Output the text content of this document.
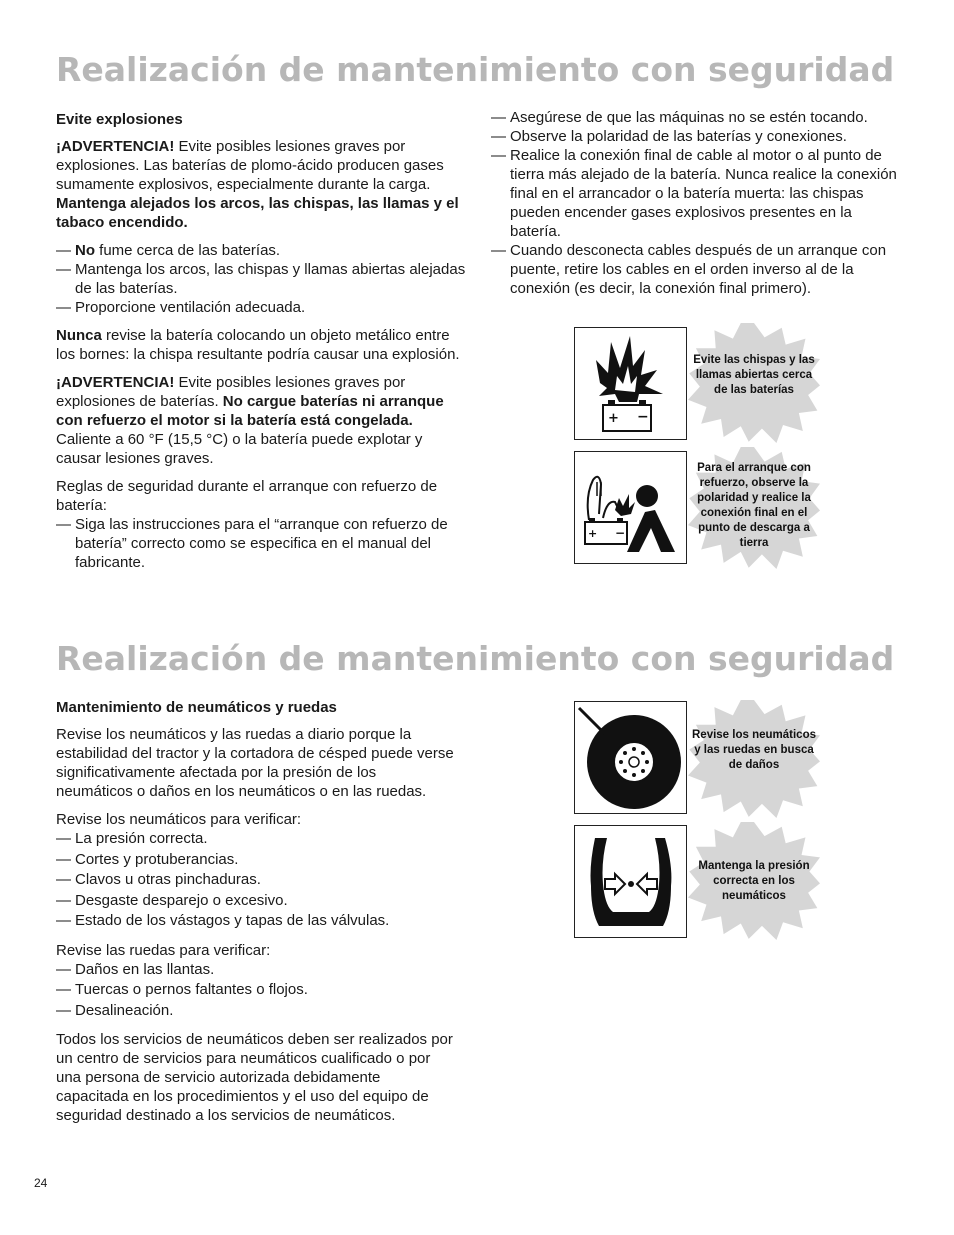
Realización de mantenimiento con seguridad
Evite explosiones

¡ADVERTENCIA! Evite posibles lesiones graves por explosiones. Las baterías de plomo-ácido producen gases sumamente explosivos, especialmente durante la carga. Mantenga alejados los arcos, las chispas, las llamas y el tabaco encendido.

— No fume cerca de las baterías.
— Mantenga los arcos, las chispas y llamas abiertas alejadas de las baterías.
— Proporcione ventilación adecuada.

Nunca revise la batería colocando un objeto metálico entre los bornes: la chispa resultante podría causar una explosión.

¡ADVERTENCIA! Evite posibles lesiones graves por explosiones de baterías. No cargue baterías ni arranque con refuerzo el motor si la batería está congelada. Caliente a 60 °F (15,5 °C) o la batería puede explotar y causar lesiones graves.

Reglas de seguridad durante el arranque con refuerzo de batería:

— Siga las instrucciones para el “arranque con refuerzo de batería” correcto como se especifica en el manual del fabricante.
— Asegúrese de que las máquinas no se estén tocando.
— Observe la polaridad de las baterías y conexiones.
— Realice la conexión final de cable al motor o al punto de tierra más alejado de la batería. Nunca realice la conexión final en el arrancador o la batería muerta: las chispas pueden encender gases explosivos presentes en la batería.
— Cuando desconecta cables después de un arranque con puente, retire los cables en el orden inverso al de la conexión (es decir, la conexión final primero).
+ −
Evite las chispas y las llamas abiertas cerca de las baterías
+ −
Para el arranque con refuerzo, observe la polaridad y realice la conexión final en el punto de descarga a tierra
Realización de mantenimiento con seguridad
Mantenimiento de neumáticos y ruedas

Revise los neumáticos y las ruedas a diario porque la estabilidad del tractor y la cortadora de césped puede verse significativamente afectada por la presión de los neumáticos o daños en los neumáticos o en las ruedas.

Revise los neumáticos para verificar:

— La presión correcta.
— Cortes y protuberancias.
— Clavos u otras pinchaduras.
— Desgaste desparejo o excesivo.
— Estado de los vástagos y tapas de las válvulas.

Revise las ruedas para verificar:

— Daños en las llantas.
— Tuercas o pernos faltantes o flojos.
— Desalineación.

Todos los servicios de neumáticos deben ser realizados por un centro de servicios para neumáticos cualificado o por una persona de servicio autorizada debidamente capacitada en los procedimientos y el uso del equipo de seguridad destinado a los servicios de neumáticos.

Revise los neumáticos y las ruedas en busca de daños
Mantenga la presión correcta en los neumáticos
24
